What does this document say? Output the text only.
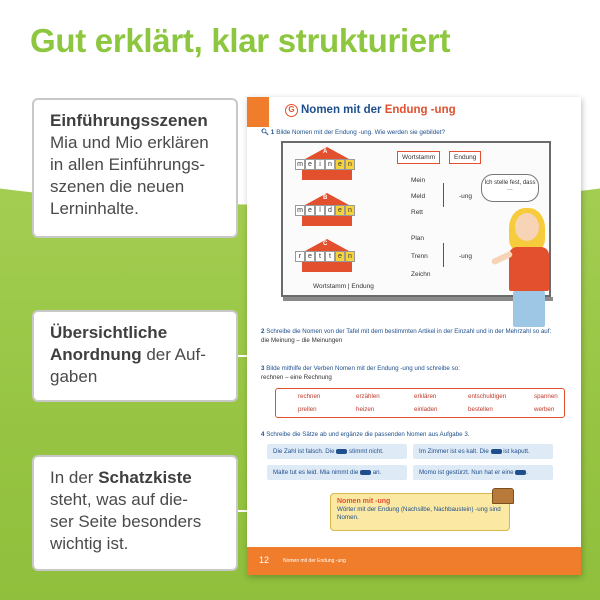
Gut erklärt, klar strukturiert
Einführungsszenen
Mia und Mio erklären
in allen Einführungs-
szenen die neuen
Lerninhalte.
Übersichtliche
Anordnung der Auf-
gaben
In der Schatzkiste
steht, was auf die-
ser Seite besonders
wichtig ist.
G Nomen mit der Endung -ung
🔍︎ 1 Bilde Nomen mit der Endung -ung. Wie werden sie gebildet?
A
m e	i	n e n
B
m e	l	d e n
C
r e	t	t	e n
Wortstamm | Endung
Wortstamm	Endung
Mein
Meld
Rett
-ung
Plan
Trenn
Zeichn
-ung
Ich stelle fest, dass …
2 Schreibe die Nomen von der Tafel mit dem bestimmten Artikel in der Einzahl und in der Mehrzahl so auf:
die Meinung – die Meinungen
3 Bilde mithilfe der Verben Nomen mit der Endung -ung und schreibe so:
rechnen – eine Rechnung
rechnen	erzählen	erklären	entschuldigen	spannen
prellen	heizen	einladen	bestellen	werben
4 Schreibe die Sätze ab und ergänze die passenden Nomen aus Aufgabe 3.
Die Zahl ist falsch. Die  stimmt nicht.	Im Zimmer ist es kalt. Die  ist kaputt.
Malte tut es leid. Mia nimmt die  an.	Momo ist gestürzt. Nun hat er eine .
Nomen mit -ung
Wörter mit der Endung (Nachsilbe, Nachbaustein) -ung sind Nomen.
12	Nomen mit der Endung -ung
